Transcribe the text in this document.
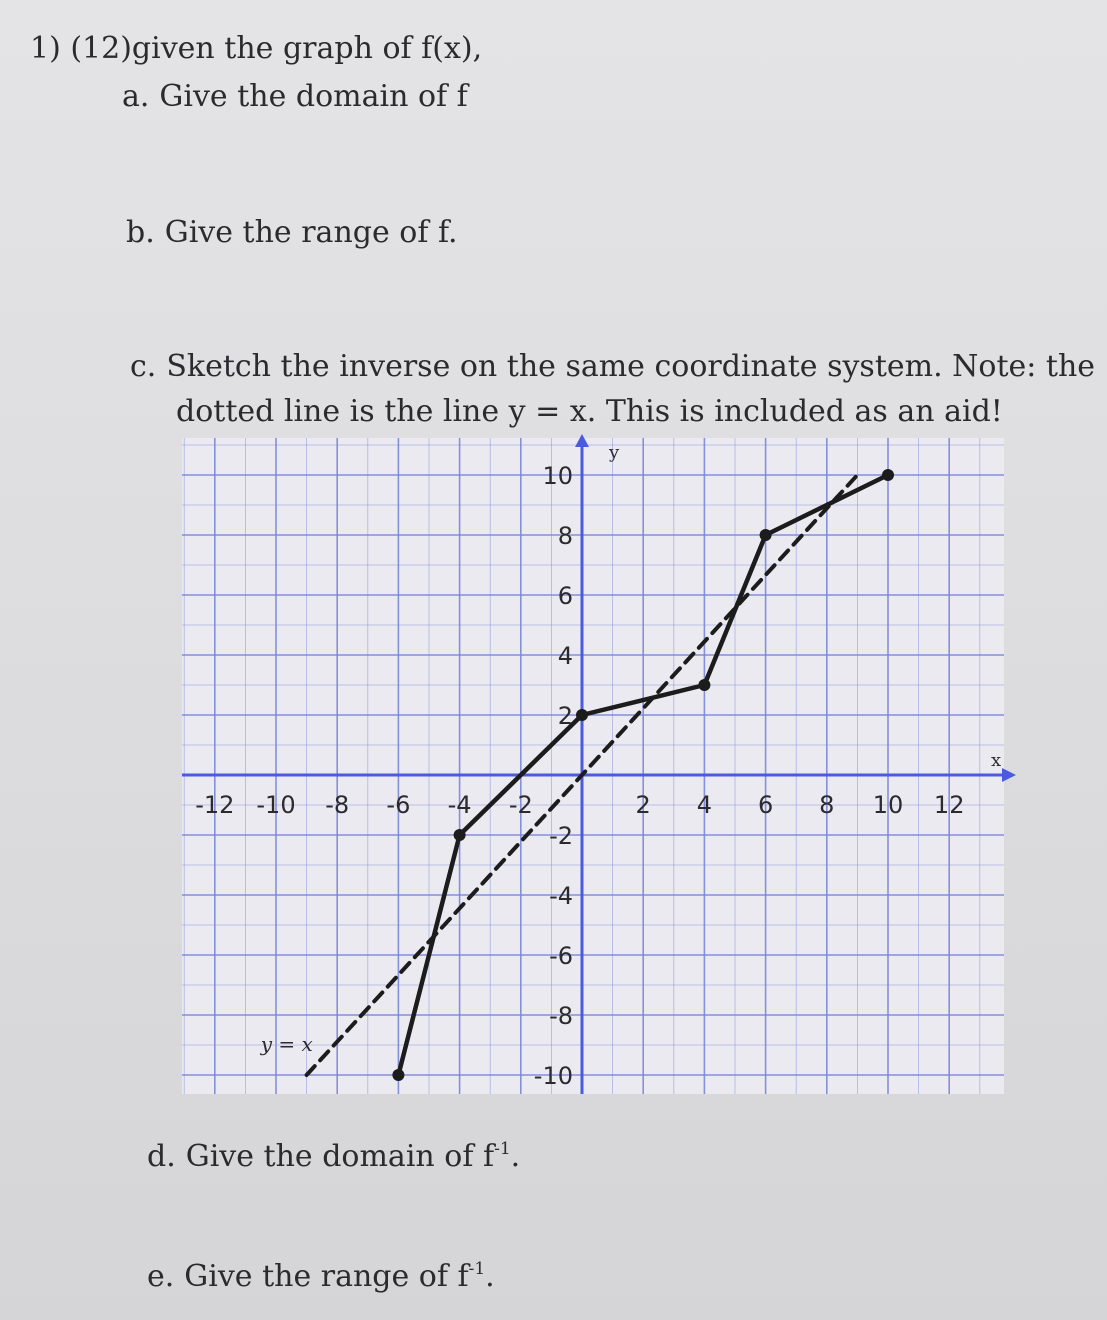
1) (12)given the graph of f(x),
a. Give the domain of f
b. Give the range of f.
c. Sketch the inverse on the same coordinate system. Note: the
dotted line is the line y = x. This is included as an aid!
x
y
-12 -10 -8 -6 -4 -2	2 4 6 8 10 12
10
8
6
4
2
-2
-4
-6
-8
-10
y = x
d. Give the domain of $f^{-1}$.
e. Give the range of $f^{-1}$.
